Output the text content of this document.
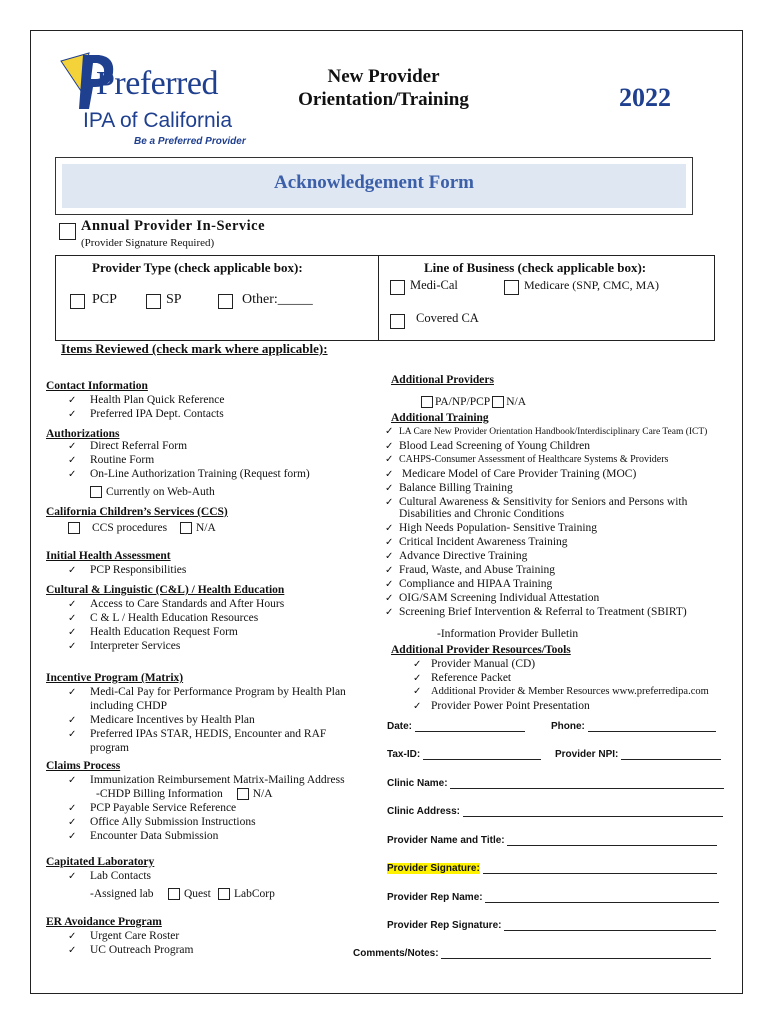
Preferred
IPA of California
Be a Preferred Provider
New Provider
Orientation/Training	2022
Acknowledgement Form
Annual Provider In-Service
(Provider Signature Required)
Provider Type (check applicable box):
PCP	SP	Other:_____
Line of Business (check applicable box):
Medi-Cal	Medicare (SNP, CMC, MA)
Covered CA
Items Reviewed (check mark where applicable):
Contact Information
✓ Health Plan Quick Reference
✓ Preferred IPA Dept. Contacts
Authorizations
✓ Direct Referral Form
✓ Routine Form
✓ On-Line Authorization Training (Request form)
Currently on Web-Auth
California Children’s Services (CCS)
CCS procedures	N/A
Initial Health Assessment
✓ PCP Responsibilities
Cultural & Linguistic (C&L) / Health Education
✓ Access to Care Standards and After Hours
✓ C & L / Health Education Resources
✓ Health Education Request Form
✓ Interpreter Services
Incentive Program (Matrix)
✓ Medi-Cal Pay for Performance Program by Health Plan
including CHDP
✓ Medicare Incentives by Health Plan
✓ Preferred IPAs STAR, HEDIS, Encounter and RAF
program
Claims Process
✓ Immunization Reimbursement Matrix-Mailing Address
-CHDP Billing Information	N/A
✓ PCP Payable Service Reference
✓ Office Ally Submission Instructions
✓ Encounter Data Submission
Capitated Laboratory
✓ Lab Contacts
-Assigned lab	Quest	LabCorp
ER Avoidance Program
✓ Urgent Care Roster
✓ UC Outreach Program
Additional Providers
PA/NP/PCP N/A
Additional Training
✓ LA Care New Provider Orientation Handbook/Interdisciplinary Care Team (ICT)
✓ Blood Lead Screening of Young Children
✓ CAHPS-Consumer Assessment of Healthcare Systems & Providers
✓ Medicare Model of Care Provider Training (MOC)
✓ Balance Billing Training
✓ Cultural Awareness & Sensitivity for Seniors and Persons with
Disabilities and Chronic Conditions
✓ High Needs Population- Sensitive Training
✓ Critical Incident Awareness Training
✓ Advance Directive Training
✓ Fraud, Waste, and Abuse Training
✓ Compliance and HIPAA Training
✓ OIG/SAM Screening Individual Attestation
✓ Screening Brief Intervention & Referral to Treatment (SBIRT)
-Information Provider Bulletin
Additional Provider Resources/Tools
✓ Provider Manual (CD)
✓ Reference Packet
✓ Additional Provider & Member Resources www.preferredipa.com
✓ Provider Power Point Presentation
Date:	Phone:
Tax-ID:	Provider NPI:
Clinic Name:
Clinic Address:
Provider Name and Title:
Provider Signature:
Provider Rep Name:
Provider Rep Signature:
Comments/Notes:
